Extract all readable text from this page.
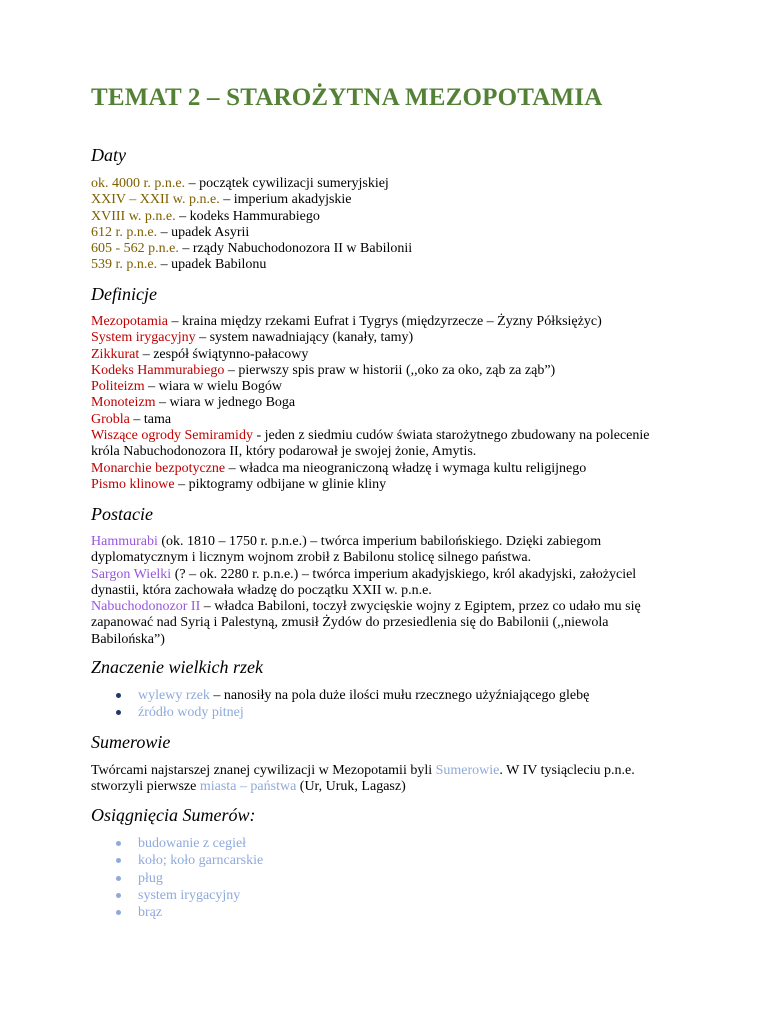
TEMAT 2 – STAROŻYTNA MEZOPOTAMIA
Daty
ok. 4000 r. p.n.e. – początek cywilizacji sumeryjskiej
XXIV – XXII w. p.n.e. – imperium akadyjskie
XVIII w. p.n.e. – kodeks Hammurabiego
612 r. p.n.e. – upadek Asyrii
605 - 562 p.n.e. – rządy Nabuchodonozora II w Babilonii
539 r. p.n.e. – upadek Babilonu
Definicje
Mezopotamia – kraina między rzekami Eufrat i Tygrys (międzyrzecze – Żyzny Półksiężyc)
System irygacyjny – system nawadniający (kanały, tamy)
Zikkurat – zespół świątynno-pałacowy
Kodeks Hammurabiego – pierwszy spis praw w historii (,,oko za oko, ząb za ząb”)
Politeizm – wiara w wielu Bogów
Monoteizm – wiara w jednego Boga
Grobla – tama
Wiszące ogrody Semiramidy - jeden z siedmiu cudów świata starożytnego zbudowany na polecenie
króla Nabuchodonozora II, który podarował je swojej żonie, Amytis.
Monarchie bezpotyczne – władca ma nieograniczoną władzę i wymaga kultu religijnego
Pismo klinowe – piktogramy odbijane w glinie kliny
Postacie
Hammurabi (ok. 1810 – 1750 r. p.n.e.) – twórca imperium babilońskiego. Dzięki zabiegom
dyplomatycznym i licznym wojnom zrobił z Babilonu stolicę silnego państwa.
Sargon Wielki (? – ok. 2280 r. p.n.e.) – twórca imperium akadyjskiego, król akadyjski, założyciel
dynastii, która zachowała władzę do początku XXII w. p.n.e.
Nabuchodonozor II – władca Babiloni, toczył zwycięskie wojny z Egiptem, przez co udało mu się
zapanować nad Syrią i Palestyną, zmusił Żydów do przesiedlenia się do Babilonii (,,niewola
Babilońska”)
Znaczenie wielkich rzek
wylewy rzek – nanosiły na pola duże ilości mułu rzecznego użyźniającego glebę
źródło wody pitnej
Sumerowie
Twórcami najstarszej znanej cywilizacji w Mezopotamii byli Sumerowie. W IV tysiącleciu p.n.e.
stworzyli pierwsze miasta – państwa (Ur, Uruk, Lagasz)
Osiągnięcia Sumerów:
budowanie z cegieł
koło; koło garncarskie
pług
system irygacyjny
brąz
